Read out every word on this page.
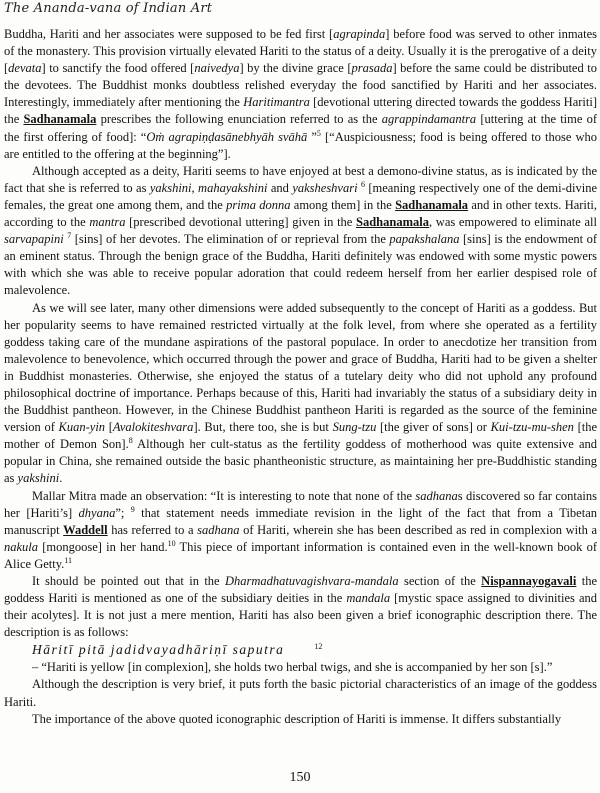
The Ananda-vana of Indian Art

Buddha, Hariti and her associates were supposed to be fed first [agrapinda] before food was served to other inmates of the monastery. This provision virtually elevated Hariti to the status of a deity. Usually it is the prerogative of a deity [devata] to sanctify the food offered [naivedya] by the divine grace [prasada] before the same could be distributed to the devotees. The Buddhist monks doubtless relished everyday the food sanctified by Hariti and her associates. Interestingly, immediately after mentioning the Haritimantra [devotional uttering directed towards the goddess Hariti] the Sadhanamala prescribes the following enunciation referred to as the agrappindamantra [uttering at the time of the first offering of food]: “Oṁ agrapiṇḍasānebhyāh svāhā ”$^5$ [“Auspiciousness; food is being offered to those who are entitled to the offering at the beginning”].

Although accepted as a deity, Hariti seems to have enjoyed at best a demono-divine status, as is indicated by the fact that she is referred to as yakshini, mahayakshini and yaksheshvari $^6$ [meaning respectively one of the demi-divine females, the great one among them, and the prima donna among them] in the Sadhanamala and in other texts. Hariti, according to the mantra [prescribed devotional uttering] given in the Sadhanamala, was empowered to eliminate all sarvapapini $^7$ [sins] of her devotes. The elimination of or reprieval from the papakshalana [sins] is the endowment of an eminent status. Through the benign grace of the Buddha, Hariti definitely was endowed with some mystic powers with which she was able to receive popular adoration that could redeem herself from her earlier despised role of malevolence.

As we will see later, many other dimensions were added subsequently to the concept of Hariti as a goddess. But her popularity seems to have remained restricted virtually at the folk level, from where she operated as a fertility goddess taking care of the mundane aspirations of the pastoral populace. In order to anecdotize her transition from malevolence to benevolence, which occurred through the power and grace of Buddha, Hariti had to be given a shelter in Buddhist monasteries. Otherwise, she enjoyed the status of a tutelary deity who did not uphold any profound philosophical doctrine of importance. Perhaps because of this, Hariti had invariably the status of a subsidiary deity in the Buddhist pantheon. However, in the Chinese Buddhist pantheon Hariti is regarded as the source of the feminine version of Kuan-yin [Avalokiteshvara]. But, there too, she is but Sung-tzu [the giver of sons] or Kui-tzu-mu-shen [the mother of Demon Son].$^8$ Although her cult-status as the fertility goddess of motherhood was quite extensive and popular in China, she remained outside the basic phantheonistic structure, as maintaining her pre-Buddhistic standing as yakshini.

Mallar Mitra made an observation: “It is interesting to note that none of the sadhanas discovered so far contains her [Hariti’s] dhyana”; $^9$ that statement needs immediate revision in the light of the fact that from a Tibetan manuscript Waddell has referred to a sadhana of Hariti, wherein she has been described as red in complexion with a nakula [mongoose] in her hand.$^{10}$ This piece of important information is contained even in the well-known book of Alice Getty.$^{11}$

It should be pointed out that in the Dharmadhatuvagishvara-mandala section of the Nispannayogavali the goddess Hariti is mentioned as one of the subsidiary deities in the mandala [mystic space assigned to divinities and their acolytes]. It is not just a mere mention, Hariti has also been given a brief iconographic description there. The description is as follows:

Hāritī pitā jadidvayadhāriṇī saputra	$^{12}$

– “Hariti is yellow [in complexion], she holds two herbal twigs, and she is accompanied by her son [s].”

Although the description is very brief, it puts forth the basic pictorial characteristics of an image of the goddess Hariti.

The importance of the above quoted iconographic description of Hariti is immense. It differs substantially

150
